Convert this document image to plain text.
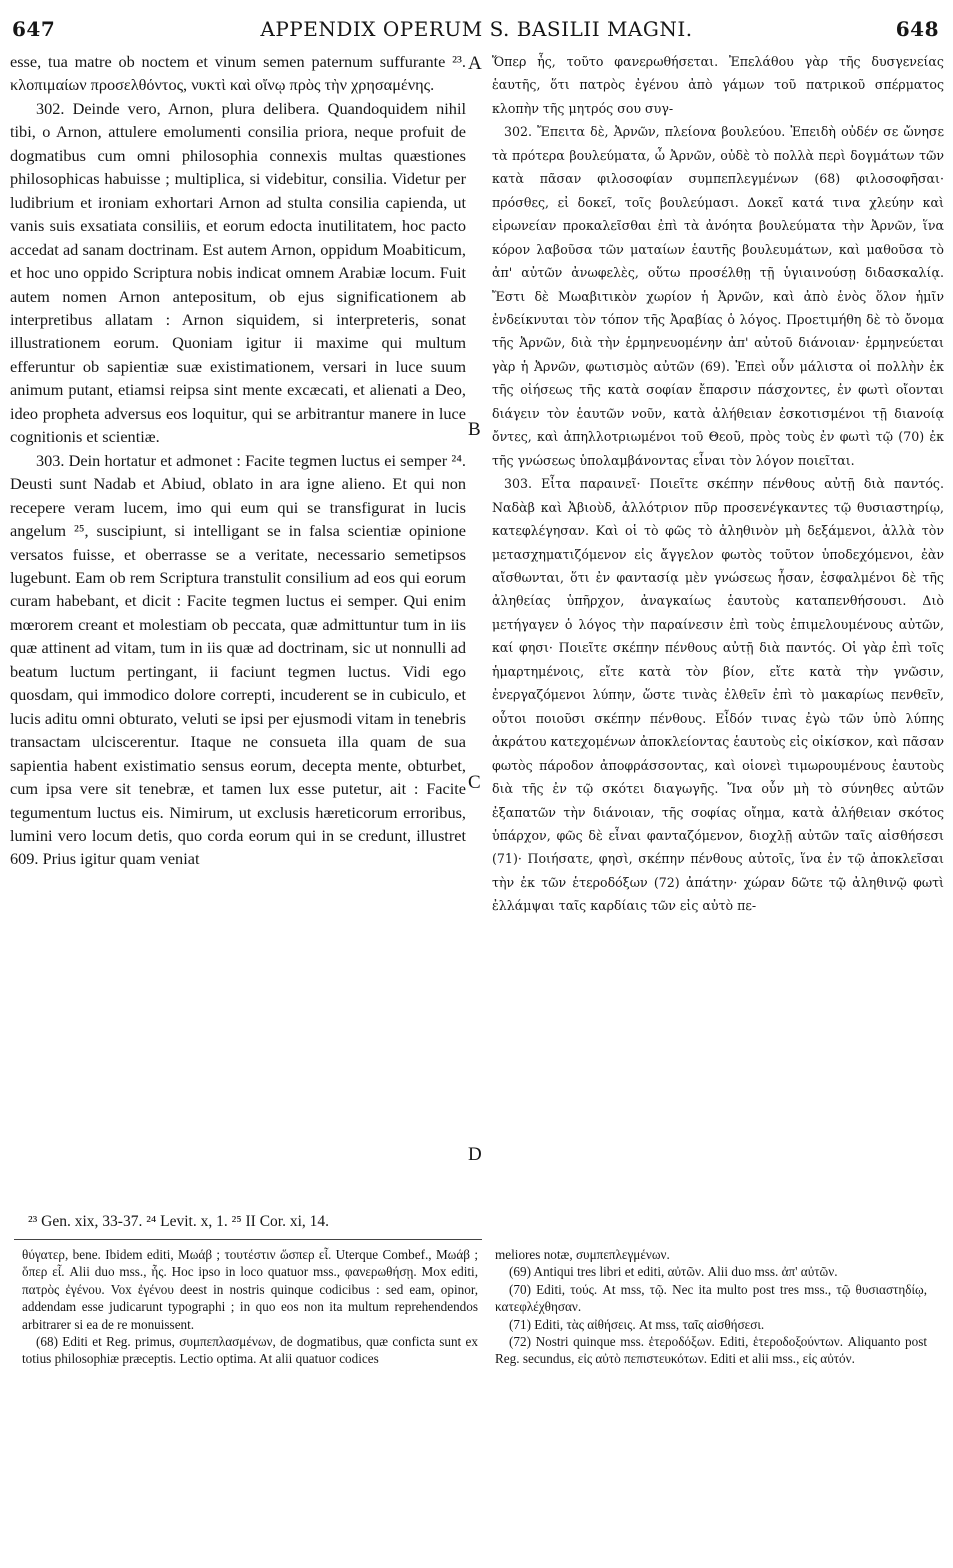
647	APPENDIX OPERUM S. BASILII MAGNI.	648

esse, tua matre ob noctem et vinum semen paternum suffurante ²³. κλοπιμαίων προσελθόντος, νυκτὶ καὶ οἴνῳ πρὸς τὴν χρησαμένης.

302. Deinde vero, Arnon, plura delibera. Quandoquidem nihil tibi, o Arnon, attulere emolumenti consilia priora, neque profuit de dogmatibus cum omni philosophia connexis multas quæstiones philosophicas habuisse ; multiplica, si videbitur, consilia. Videtur per ludibrium et ironiam exhortari Arnon ad stulta consilia capienda, ut vanis suis exsatiata consiliis, et eorum edocta inutilitatem, hoc pacto accedat ad sanam doctrinam. Est autem Arnon, oppidum Moabiticum, et hoc uno oppido Scriptura nobis indicat omnem Arabiæ locum. Fuit autem nomen Arnon antepositum, ob ejus significationem ab interpretibus allatam : Arnon siquidem, si interpreteris, sonat illustrationem eorum. Quoniam igitur ii maxime qui multum efferuntur ob sapientiæ suæ existimationem, versari in luce suum animum putant, etiamsi reipsa sint mente excæcati, et alienati a Deo, ideo propheta adversus eos loquitur, qui se arbitrantur manere in luce cognitionis et scientiæ.

303. Dein hortatur et admonet : Facite tegmen luctus ei semper ²⁴. Deusti sunt Nadab et Abiud, oblato in ara igne alieno. Et qui non recepere veram lucem, imo qui eum qui se transfigurat in lucis angelum ²⁵, suscipiunt, si intelligant se in falsa scientiæ opinione versatos fuisse, et oberrasse se a veritate, necessario semetipsos lugebunt. Eam ob rem Scriptura transtulit consilium ad eos qui eorum curam habebant, et dicit : Facite tegmen luctus ei semper. Qui enim mœrorem creant et molestiam ob peccata, quæ admittuntur tum in iis quæ attinent ad vitam, tum in iis quæ ad doctrinam, sic ut nonnulli ad beatum luctum pertingant, ii faciunt tegmen luctus. Vidi ego quosdam, qui immodico dolore correpti, incuderent se in cubiculo, et lucis aditu omni obturato, veluti se ipsi per ejusmodi vitam in tenebris transactam ulciscerentur. Itaque ne consueta illa quam de sua sapientia habent existimatio sensus eorum, decepta mente, obturbet, cum ipsa vere sit tenebræ, et tamen lux esse putetur, ait : Facite tegumentum luctus eis. Nimirum, ut exclusis hæreticorum erroribus, lumini vero locum detis, quo corda eorum qui in se credunt, illustret 609. Prius igitur quam veniat

A
B
C
D

Ὅπερ ἧς, τοῦτο φανερωθήσεται. Ἐπελάθου γὰρ τῆς δυσγενείας ἑαυτῆς, ὅτι πατρὸς ἐγένου ἀπὸ γάμων τοῦ πατρικοῦ σπέρματος κλοπὴν τῆς μητρός σου συγ-

302. Ἔπειτα δὲ, Ἀρνῶν, πλείονα βουλεύου. Ἐπειδὴ οὐδέν σε ὤνησε τὰ πρότερα βουλεύματα, ὦ Ἀρνῶν, οὐδὲ τὸ πολλὰ περὶ δογμάτων τῶν κατὰ πᾶσαν φιλοσοφίαν συμπεπλεγμένων (68) φιλοσοφῆσαι· πρόσθες, εἰ δοκεῖ, τοῖς βουλεύμασι. Δοκεῖ κατά τινα χλεύην καὶ εἰρωνείαν προκαλεῖσθαι ἐπὶ τὰ ἀνόητα βουλεύματα τὴν Ἀρνῶν, ἵνα κόρον λαβοῦσα τῶν ματαίων ἑαυτῆς βουλευμάτων, καὶ μαθοῦσα τὸ ἀπ' αὐτῶν ἀνωφελὲς, οὕτω προσέλθῃ τῇ ὑγιαινούσῃ διδασκαλίᾳ. Ἔστι δὲ Μωαβιτικὸν χωρίον ἡ Ἀρνῶν, καὶ ἀπὸ ἑνὸς ὅλον ἡμῖν ἐνδείκνυται τὸν τόπον τῆς Ἀραβίας ὁ λόγος. Προετιμήθη δὲ τὸ ὄνομα τῆς Ἀρνῶν, διὰ τὴν ἑρμηνευομένην ἀπ' αὐτοῦ διάνοιαν· ἑρμηνεύεται γὰρ ἡ Ἀρνῶν, φωτισμὸς αὐτῶν (69). Ἐπεὶ οὖν μάλιστα οἱ πολλὴν ἐκ τῆς οἰήσεως τῆς κατὰ σοφίαν ἔπαρσιν πάσχοντες, ἐν φωτὶ οἴονται διάγειν τὸν ἑαυτῶν νοῦν, κατὰ ἀλήθειαν ἐσκοτισμένοι τῇ διανοίᾳ ὄντες, καὶ ἀπηλλοτριωμένοι τοῦ Θεοῦ, πρὸς τοὺς ἐν φωτὶ τῷ (70) ἐκ τῆς γνώσεως ὑπολαμβάνοντας εἶναι τὸν λόγον ποιεῖται.

303. Εἶτα παραινεῖ· Ποιεῖτε σκέπην πένθους αὐτῇ διὰ παντός. Ναδὰβ καὶ Ἀβιοὺδ, ἀλλότριον πῦρ προσενέγκαντες τῷ θυσιαστηρίῳ, κατεφλέγησαν. Καὶ οἱ τὸ φῶς τὸ ἀληθινὸν μὴ δεξάμενοι, ἀλλὰ τὸν μετασχηματιζόμενον εἰς ἄγγελον φωτὸς τοῦτον ὑποδεχόμενοι, ἐὰν αἴσθωνται, ὅτι ἐν φαντασίᾳ μὲν γνώσεως ἦσαν, ἐσφαλμένοι δὲ τῆς ἀληθείας ὑπῆρχον, ἀναγκαίως ἑαυτοὺς καταπενθήσουσι. Διὸ μετήγαγεν ὁ λόγος τὴν παραίνεσιν ἐπὶ τοὺς ἐπιμελουμένους αὐτῶν, καί φησι· Ποιεῖτε σκέπην πένθους αὐτῇ διὰ παντός. Οἱ γὰρ ἐπὶ τοῖς ἡμαρτημένοις, εἴτε κατὰ τὸν βίον, εἴτε κατὰ τὴν γνῶσιν, ἐνεργαζόμενοι λύπην, ὥστε τινὰς ἐλθεῖν ἐπὶ τὸ μακαρίως πενθεῖν, οὗτοι ποιοῦσι σκέπην πένθους. Εἶδόν τινας ἐγὼ τῶν ὑπὸ λύπης ἀκράτου κατεχομένων ἀποκλείοντας ἑαυτοὺς εἰς οἰκίσκον, καὶ πᾶσαν φωτὸς πάροδον ἀποφράσσοντας, καὶ οἱονεὶ τιμωρουμένους ἑαυτοὺς διὰ τῆς ἐν τῷ σκότει διαγωγῆς. Ἵνα οὖν μὴ τὸ σύνηθες αὐτῶν ἐξαπατῶν τὴν διάνοιαν, τῆς σοφίας οἴημα, κατὰ ἀλήθειαν σκότος ὑπάρχον, φῶς δὲ εἶναι φανταζόμενον, διοχλῇ αὐτῶν ταῖς αἰσθήσεσι (71)· Ποιήσατε, φησὶ, σκέπην πένθους αὐτοῖς, ἵνα ἐν τῷ ἀποκλεῖσαι τὴν ἐκ τῶν ἑτεροδόξων (72) ἀπάτην· χώραν δῶτε τῷ ἀληθινῷ φωτὶ ἐλλάμψαι ταῖς καρδίαις τῶν εἰς αὐτὸ πε-

²³ Gen. xix, 33-37. ²⁴ Levit. x, 1. ²⁵ II Cor. xi, 14.

θύγατερ, bene. Ibidem editi, Μωάβ ; τουτέστιν ὥσπερ εἶ. Uterque Combef., Μωάβ ; ὅπερ εἶ. Alii duo mss., ἧς. Hoc ipso in loco quatuor mss., φανερωθήσῃ. Mox editi, πατρὸς ἐγένου. Vox ἐγένου deest in nostris quinque codicibus : sed eam, opinor, addendam esse judicarunt typographi ; in quo eos non ita multum reprehendendos arbitrarer si ea de re monuissent.

(68) Editi et Reg. primus, συμπεπλασμένων, de dogmatibus, quæ conficta sunt ex totius philosophiæ præceptis. Lectio optima. At alii quatuor codices

meliores notæ, συμπεπλεγμένων.

(69) Antiqui tres libri et editi, αὐτῶν. Alii duo mss. ἀπ' αὐτῶν.

(70) Editi, τούς. At mss, τῷ. Nec ita multo post tres mss., τῷ θυσιαστηδίῳ, κατεφλέχθησαν.

(71) Editi, τὰς αἰθήσεις. At mss, ταῖς αἰσθήσεσι.

(72) Nostri quinque mss. ἑτεροδόξων. Editi, ἑτεροδοξούντων. Aliquanto post Reg. secundus, εἰς αὐτὸ πεπιστευκότων. Editi et alii mss., εἰς αὐτόν.
